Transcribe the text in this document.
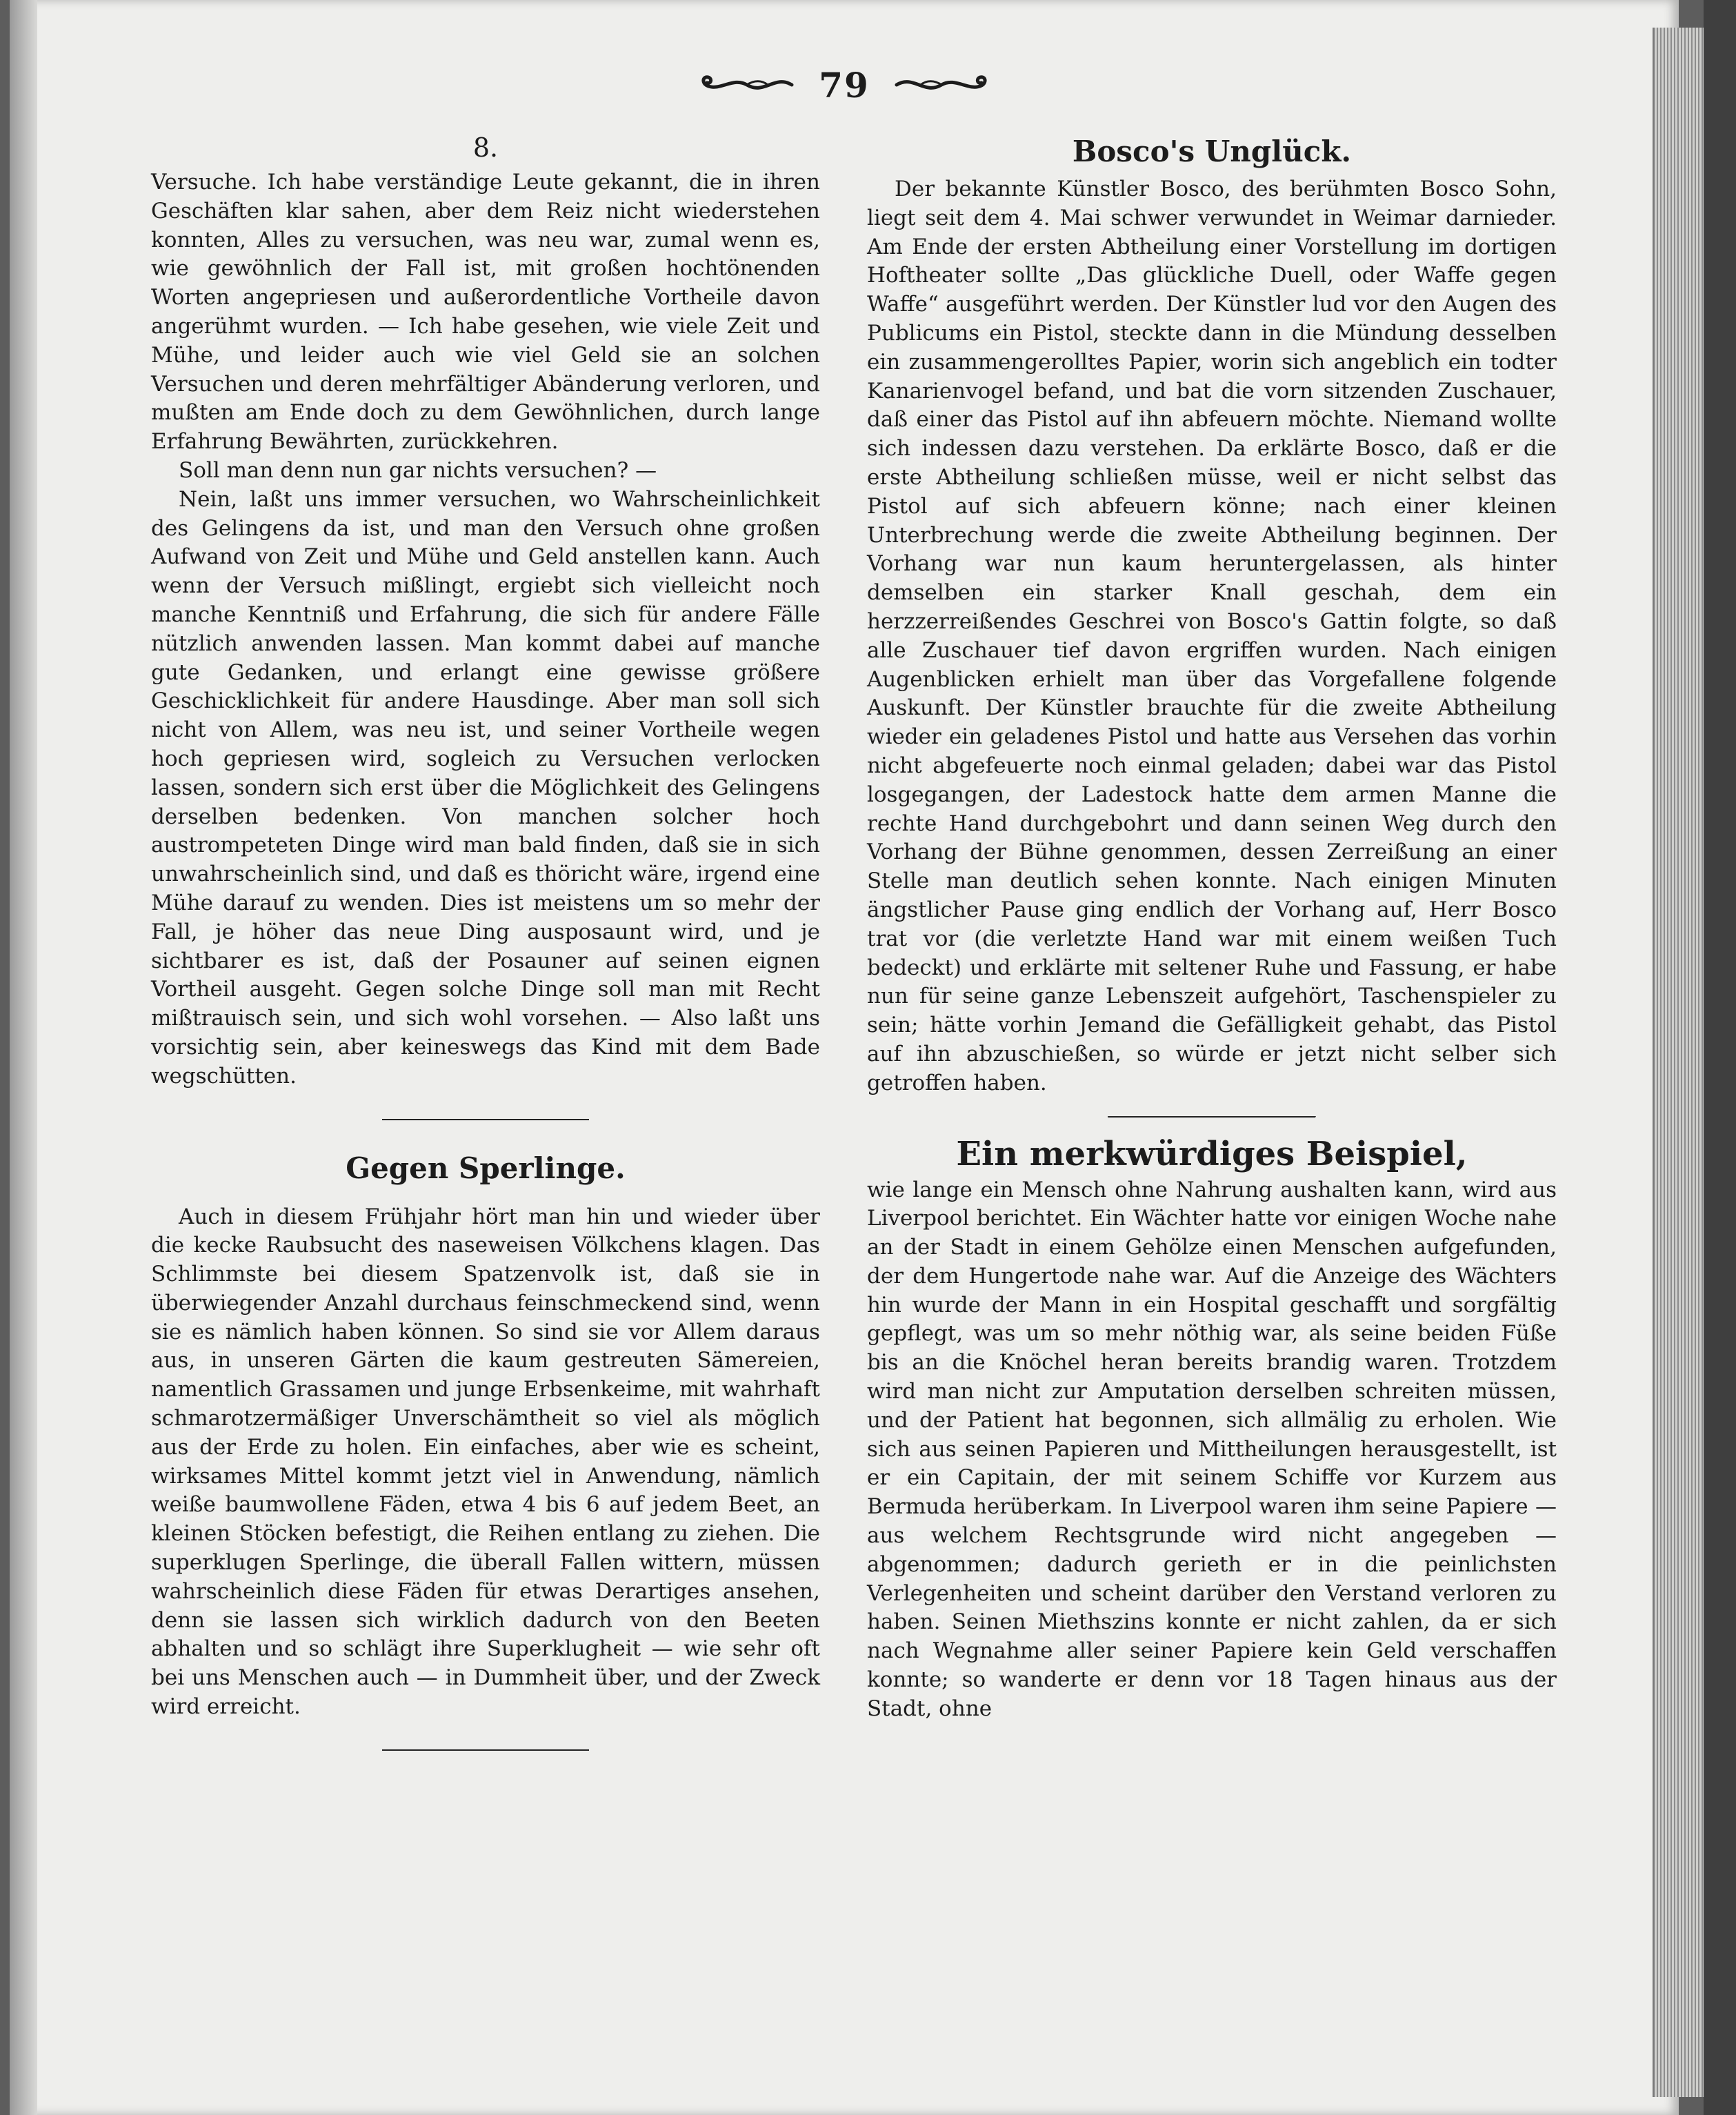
79
8.

Versuche. Ich habe verständige Leute gekannt, die in ihren Geschäften klar sahen, aber dem Reiz nicht wiederstehen konnten, Alles zu versuchen, was neu war, zumal wenn es, wie gewöhnlich der Fall ist, mit großen hochtönenden Worten angepriesen und außerordentliche Vortheile davon angerühmt wurden. — Ich habe gesehen, wie viele Zeit und Mühe, und leider auch wie viel Geld sie an solchen Versuchen und deren mehrfältiger Abänderung verloren, und mußten am Ende doch zu dem Gewöhnlichen, durch lange Erfahrung Bewährten, zurückkehren.

Soll man denn nun gar nichts versuchen? —

Nein, laßt uns immer versuchen, wo Wahrscheinlichkeit des Gelingens da ist, und man den Versuch ohne großen Aufwand von Zeit und Mühe und Geld anstellen kann. Auch wenn der Versuch mißlingt, ergiebt sich vielleicht noch manche Kenntniß und Erfahrung, die sich für andere Fälle nützlich anwenden lassen. Man kommt dabei auf manche gute Gedanken, und erlangt eine gewisse größere Geschicklichkeit für andere Hausdinge. Aber man soll sich nicht von Allem, was neu ist, und seiner Vortheile wegen hoch gepriesen wird, sogleich zu Versuchen verlocken lassen, sondern sich erst über die Möglichkeit des Gelingens derselben bedenken. Von manchen solcher hoch austrompeteten Dinge wird man bald finden, daß sie in sich unwahrscheinlich sind, und daß es thöricht wäre, irgend eine Mühe darauf zu wenden. Dies ist meistens um so mehr der Fall, je höher das neue Ding ausposaunt wird, und je sichtbarer es ist, daß der Posauner auf seinen eignen Vortheil ausgeht. Gegen solche Dinge soll man mit Recht mißtrauisch sein, und sich wohl vorsehen. — Also laßt uns vorsichtig sein, aber keineswegs das Kind mit dem Bade wegschütten.

Gegen Sperlinge.

Auch in diesem Frühjahr hört man hin und wieder über die kecke Raubsucht des naseweisen Völkchens klagen. Das Schlimmste bei diesem Spatzenvolk ist, daß sie in überwiegender Anzahl durchaus feinschmeckend sind, wenn sie es nämlich haben können. So sind sie vor Allem daraus aus, in unseren Gärten die kaum gestreuten Sämereien, namentlich Grassamen und junge Erbsenkeime, mit wahrhaft schmarotzermäßiger Unverschämtheit so viel als möglich aus der Erde zu holen. Ein einfaches, aber wie es scheint, wirksames Mittel kommt jetzt viel in Anwendung, nämlich weiße baumwollene Fäden, etwa 4 bis 6 auf jedem Beet, an kleinen Stöcken befestigt, die Reihen entlang zu ziehen. Die superklugen Sperlinge, die überall Fallen wittern, müssen wahrscheinlich diese Fäden für etwas Derartiges ansehen, denn sie lassen sich wirklich dadurch von den Beeten abhalten und so schlägt ihre Superklugheit — wie sehr oft bei uns Menschen auch — in Dummheit über, und der Zweck wird erreicht.

Bosco's Unglück.

Der bekannte Künstler Bosco, des berühmten Bosco Sohn, liegt seit dem 4. Mai schwer verwundet in Weimar darnieder. Am Ende der ersten Abtheilung einer Vorstellung im dortigen Hoftheater sollte „Das glückliche Duell, oder Waffe gegen Waffe“ ausgeführt werden. Der Künstler lud vor den Augen des Publicums ein Pistol, steckte dann in die Mündung desselben ein zusammengerolltes Papier, worin sich angeblich ein todter Kanarienvogel befand, und bat die vorn sitzenden Zuschauer, daß einer das Pistol auf ihn abfeuern möchte. Niemand wollte sich indessen dazu verstehen. Da erklärte Bosco, daß er die erste Abtheilung schließen müsse, weil er nicht selbst das Pistol auf sich abfeuern könne; nach einer kleinen Unterbrechung werde die zweite Abtheilung beginnen. Der Vorhang war nun kaum heruntergelassen, als hinter demselben ein starker Knall geschah, dem ein herzzerreißendes Geschrei von Bosco's Gattin folgte, so daß alle Zuschauer tief davon ergriffen wurden. Nach einigen Augenblicken erhielt man über das Vorgefallene folgende Auskunft. Der Künstler brauchte für die zweite Abtheilung wieder ein geladenes Pistol und hatte aus Versehen das vorhin nicht abgefeuerte noch einmal geladen; dabei war das Pistol losgegangen, der Ladestock hatte dem armen Manne die rechte Hand durchgebohrt und dann seinen Weg durch den Vorhang der Bühne genommen, dessen Zerreißung an einer Stelle man deutlich sehen konnte. Nach einigen Minuten ängstlicher Pause ging endlich der Vorhang auf, Herr Bosco trat vor (die verletzte Hand war mit einem weißen Tuch bedeckt) und erklärte mit seltener Ruhe und Fassung, er habe nun für seine ganze Lebenszeit aufgehört, Taschenspieler zu sein; hätte vorhin Jemand die Gefälligkeit gehabt, das Pistol auf ihn abzuschießen, so würde er jetzt nicht selber sich getroffen haben.

Ein merkwürdiges Beispiel,

wie lange ein Mensch ohne Nahrung aushalten kann, wird aus Liverpool berichtet. Ein Wächter hatte vor einigen Woche nahe an der Stadt in einem Gehölze einen Menschen aufgefunden, der dem Hungertode nahe war. Auf die Anzeige des Wächters hin wurde der Mann in ein Hospital geschafft und sorgfältig gepflegt, was um so mehr nöthig war, als seine beiden Füße bis an die Knöchel heran bereits brandig waren. Trotzdem wird man nicht zur Amputation derselben schreiten müssen, und der Patient hat begonnen, sich allmälig zu erholen. Wie sich aus seinen Papieren und Mittheilungen herausgestellt, ist er ein Capitain, der mit seinem Schiffe vor Kurzem aus Bermuda herüberkam. In Liverpool waren ihm seine Papiere — aus welchem Rechtsgrunde wird nicht angegeben — abgenommen; dadurch gerieth er in die peinlichsten Verlegenheiten und scheint darüber den Verstand verloren zu haben. Seinen Miethszins konnte er nicht zahlen, da er sich nach Wegnahme aller seiner Papiere kein Geld verschaffen konnte; so wanderte er denn vor 18 Tagen hinaus aus der Stadt, ohne
